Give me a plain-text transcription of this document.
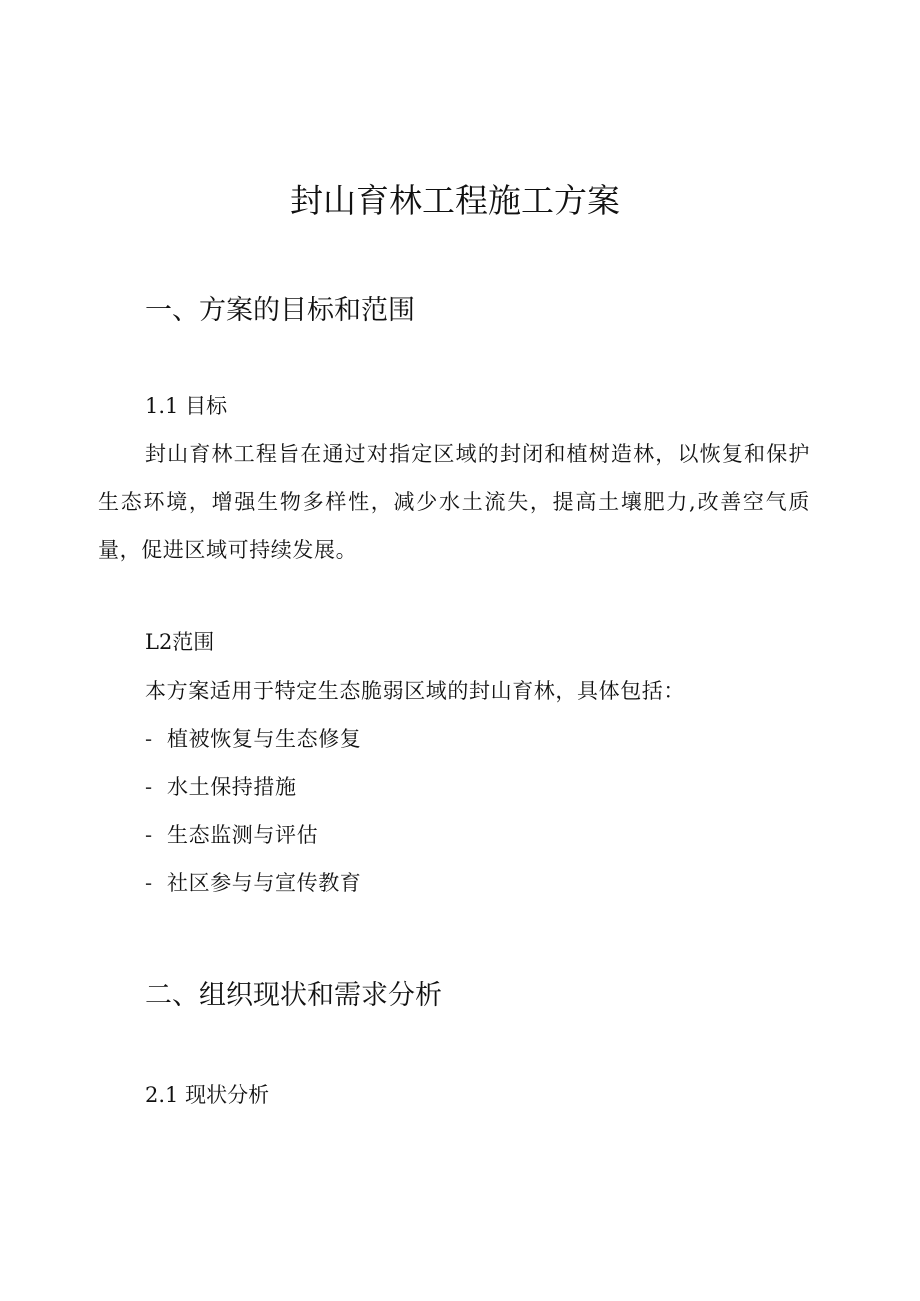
封山育林工程施工方案
一、方案的目标和范围
1.1 目标

封山育林工程旨在通过对指定区域的封闭和植树造林，以恢复和保护生态环境，增强生物多样性，减少水土流失，提高土壤肥力,改善空气质量，促进区域可持续发展。

L2范围

本方案适用于特定生态脆弱区域的封山育林，具体包括：

- 植被恢复与生态修复
- 水土保持措施
- 生态监测与评估
- 社区参与与宣传教育
二、组织现状和需求分析
2.1 现状分析
